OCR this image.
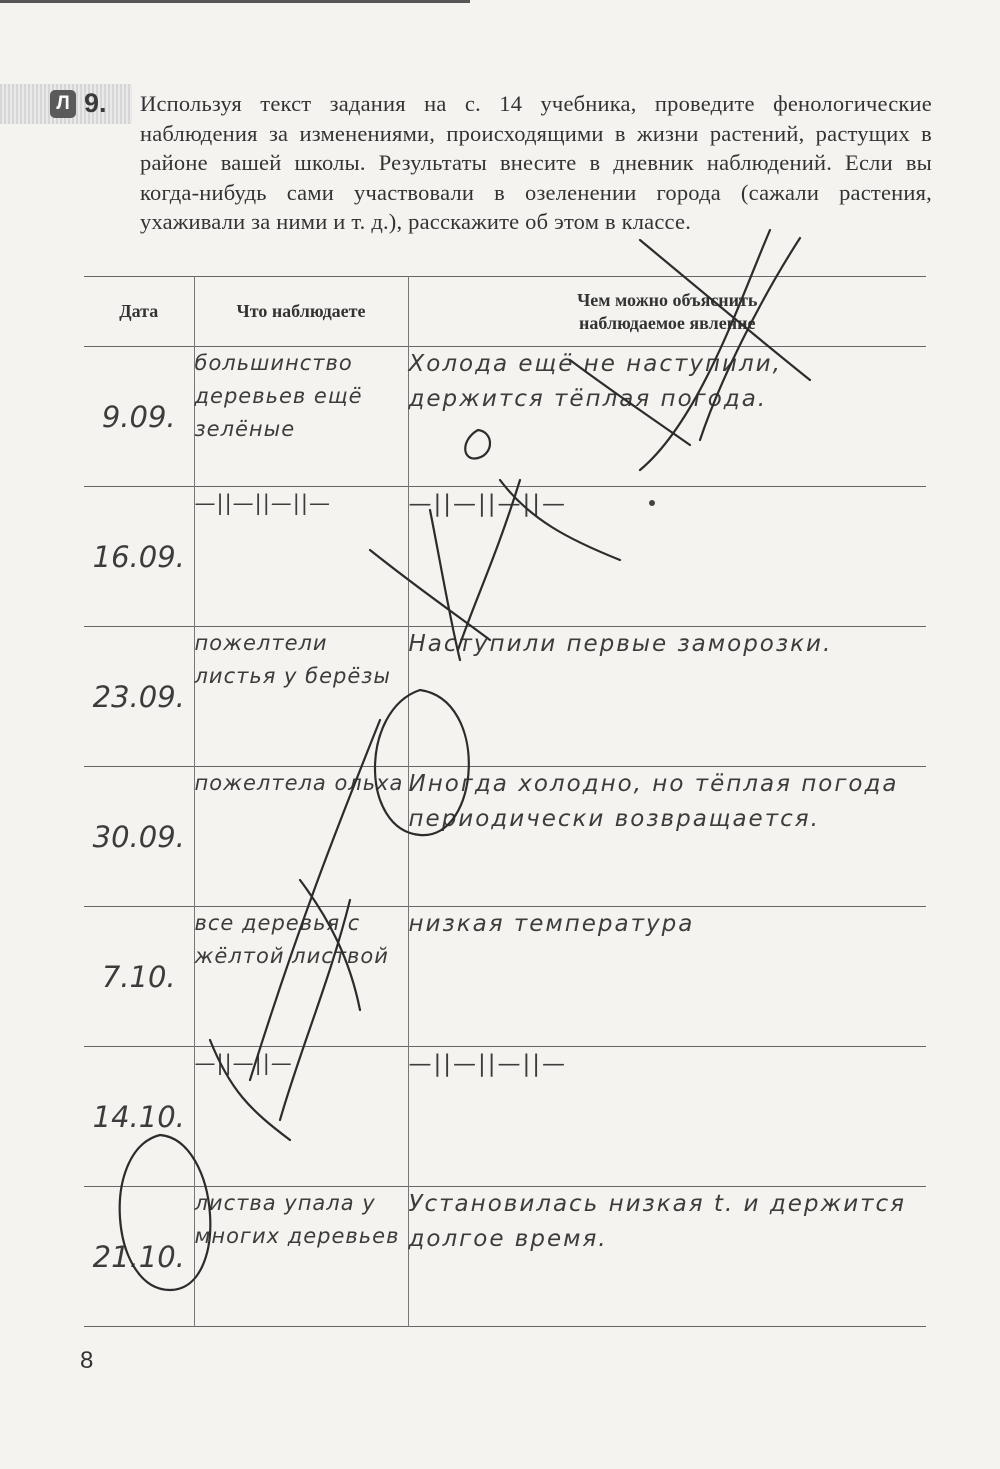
Л 9. Используя текст задания на с. 14 учебника, проведите фенологические наблюдения за изменениями, происходящими в жизни растений, растущих в районе вашей школы. Результаты внесите в дневник наблюдений. Если вы когда-нибудь сами участвовали в озеленении города (сажали растения, ухаживали за ними и т. д.), расскажите об этом в классе.
Дата	Что наблюдаете	Чем можно объяснить наблюдаемое явление

9.09.	большинство деревьев ещё зелёные	Холода ещё не наступили, держится тёплая погода.
16.09.	—||—||—||—	—||—||—||—
23.09.	пожелтели листья у берёзы	Наступили первые заморозки.
30.09.	пожелтела ольха	Иногда холодно, но тёплая погода периодически возвращается.
7.10.	все деревья с жёлтой листвой	низкая температура
14.10.	—||—||—	—||—||—||—
21.10.	листва упала у многих деревьев	Установилась низкая t. и держится долгое время.
8
